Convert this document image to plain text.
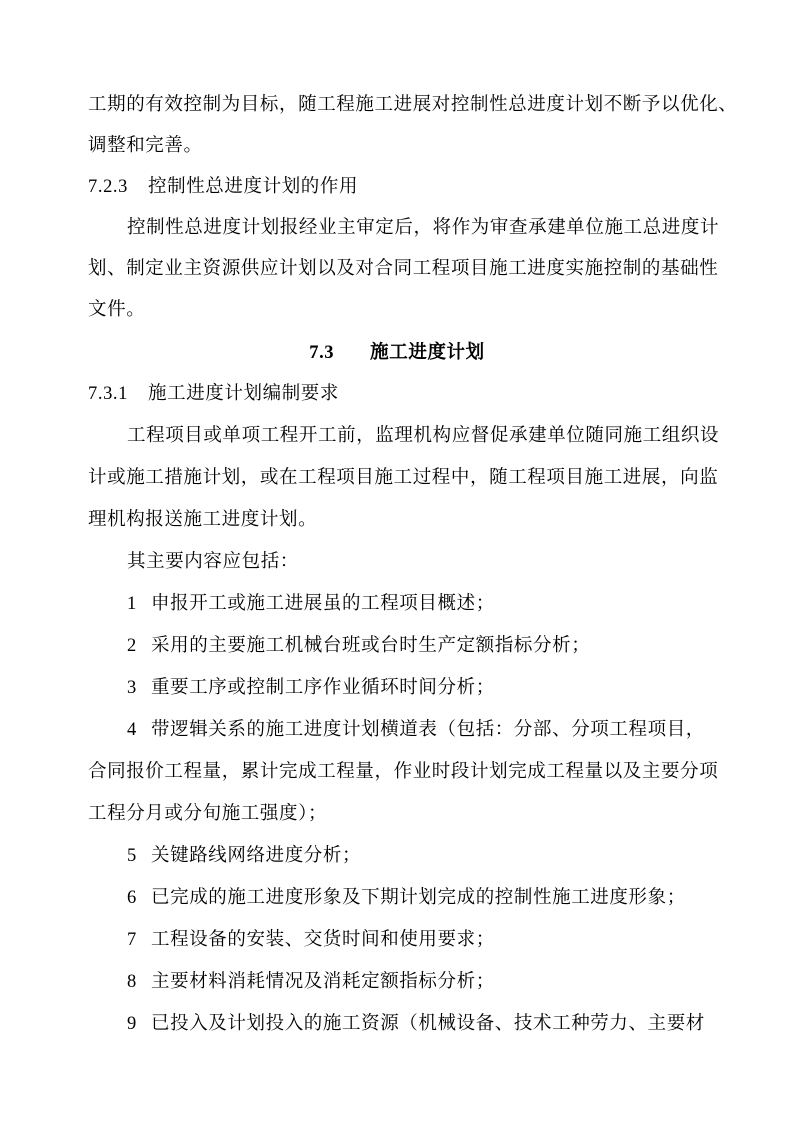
工期的有效控制为目标，随工程施工进展对控制性总进度计划不断予以优化、
调整和完善。
7.2.3 控制性总进度计划的作用
控制性总进度计划报经业主审定后，将作为审查承建单位施工总进度计
划、制定业主资源供应计划以及对合同工程项目施工进度实施控制的基础性
文件。
7.3 施工进度计划
7.3.1 施工进度计划编制要求
工程项目或单项工程开工前，监理机构应督促承建单位随同施工组织设
计或施工措施计划，或在工程项目施工过程中，随工程项目施工进展，向监
理机构报送施工进度计划。
其主要内容应包括：
1 申报开工或施工进展虽的工程项目概述；
2 采用的主要施工机械台班或台时生产定额指标分析；
3 重要工序或控制工序作业循环时间分析；
4 带逻辑关系的施工进度计划横道表（包括：分部、分项工程项目，
合同报价工程量，累计完成工程量，作业时段计划完成工程量以及主要分项
工程分月或分旬施工强度）；
5 关键路线网络进度分析；
6 已完成的施工进度形象及下期计划完成的控制性施工进度形象；
7 工程设备的安装、交货时间和使用要求；
8 主要材料消耗情况及消耗定额指标分析；
9 已投入及计划投入的施工资源（机械设备、技术工种劳力、主要材
